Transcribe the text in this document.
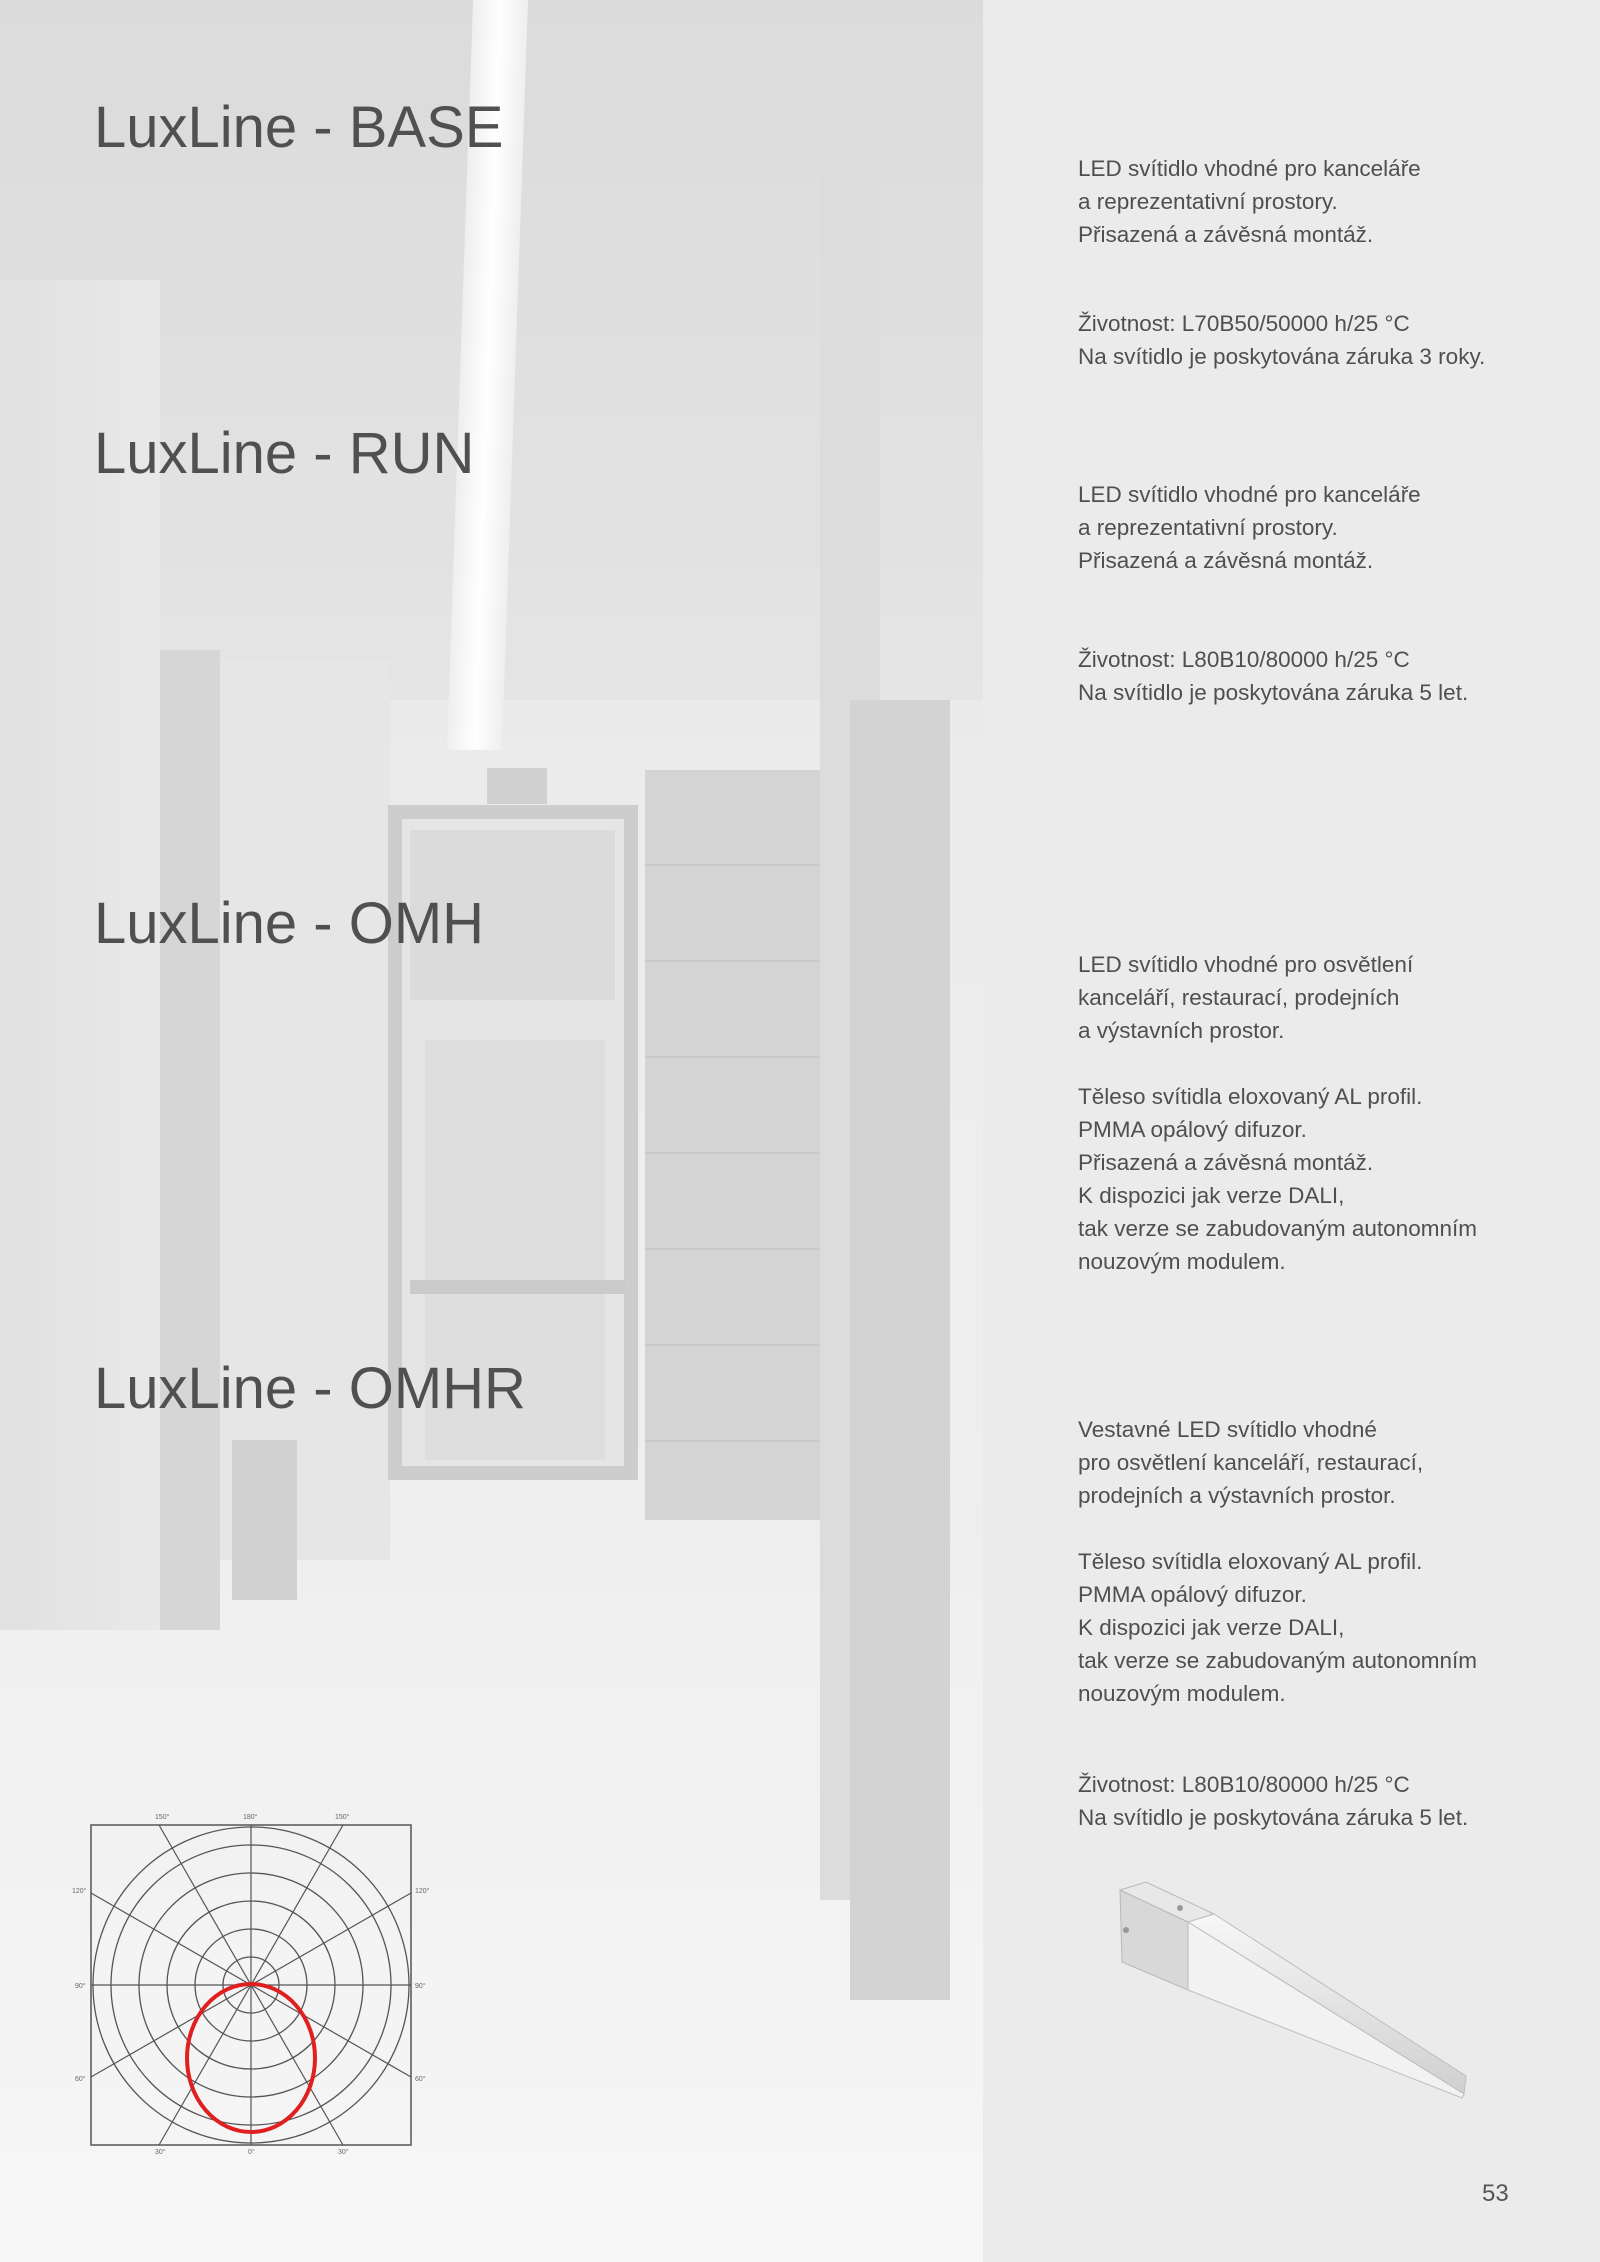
LuxLine - BASE
LuxLine - RUN
LuxLine - OMH
LuxLine - OMHR

LED svítidlo vhodné pro kanceláře
a reprezentativní prostory.
Přisazená a závěsná montáž.

Životnost: L70B50/50000 h/25 °C
Na svítidlo je poskytována záruka 3 roky.

LED svítidlo vhodné pro kanceláře
a reprezentativní prostory.
Přisazená a závěsná montáž.

Životnost: L80B10/80000 h/25 °C
Na svítidlo je poskytována záruka 5 let.

LED svítidlo vhodné pro osvětlení
kanceláří, restaurací, prodejních
a výstavních prostor.

Těleso svítidla eloxovaný AL profil.
PMMA opálový difuzor.
Přisazená a závěsná montáž.
K dispozici jak verze DALI,
tak verze se zabudovaným autonomním
nouzovým modulem.

Vestavné LED svítidlo vhodné
pro osvětlení kanceláří, restaurací,
prodejních a výstavních prostor.

Těleso svítidla eloxovaný AL profil.
PMMA opálový difuzor.
K dispozici jak verze DALI,
tak verze se zabudovaným autonomním
nouzovým modulem.

Životnost: L80B10/80000 h/25 °C
Na svítidlo je poskytována záruka 5 let.

150°	180°	150°
120°	120°
90°	90°
60°	60°
30°	0°	30°
53
